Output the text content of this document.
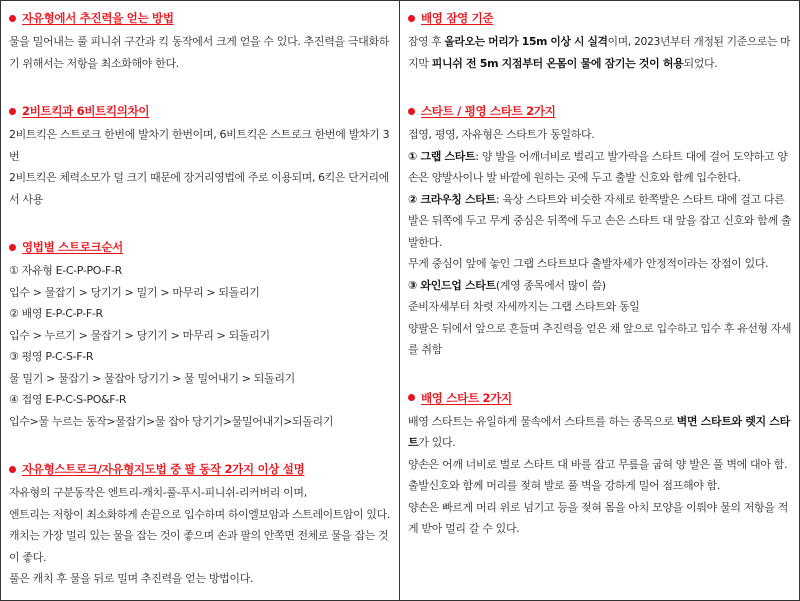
자유형에서 추진력을 얻는 방법
물을 밀어내는 풀 피니쉬 구간과 킥 동작에서 크게 얻을 수 있다. 추진력을 극대화하
기 위해서는 저항을 최소화해야 한다.
2비트킥과 6비트킥의차이
2비트킥은 스트로크 한번에 발차기 한번이며, 6비트킥은 스트로크 한번에 발차기 3
번
2비트킥은 체력소모가 덜 크기 때문에 장거리영법에 주로 이용되며, 6킥은 단거리에
서 사용
영법별 스트로크순서
① 자유형 E-C-P-PO-F-R
입수 > 물잡기 > 당기기 > 밀기 > 마무리 > 되돌리기
② 배영 E-P-C-P-F-R
입수 > 누르기 > 물잡기 > 당기기 > 마무리 > 되돌리기
③ 평영 P-C-S-F-R
물 밀기 > 물잡기 > 물잡아 당기기 > 물 밀어내기 > 되돌리기
④ 접영 E-P-C-S-PO&F-R
입수>물 누르는 동작>물잡기>물 잡아 당기기>물밀어내기>되돌리기
자유형스트로크/자유형지도법 중 팔 동작 2가지 이상 설명
자유형의 구분동작은 엔트리-캐치-풀-푸시-피니쉬-리커버리 이며,
엔트리는 저항이 최소화하게 손끝으로 입수하며 하이엘보암과 스트레이트암이 있다.
캐치는 가장 멀리 있는 물을 잡는 것이 좋으며 손과 팔의 안쪽면 전체로 물을 잡는 것
이 좋다.
풀은 캐치 후 물을 뒤로 밀며 추진력을 얻는 방법이다.
배영 잠영 기준
잠영 후 올라오는 머리가 15m 이상 시 실격이며, 2023년부터 개정된 기준으로는 마
지막 피니쉬 전 5m 지점부터 온몸이 물에 잠기는 것이 허용되었다.
스타트 / 평영 스타트 2가지
접영, 평영, 자유형은 스타트가 동일하다.
① 그랩 스타트: 양 발을 어깨너비로 벌리고 발가락을 스타트 대에 걸어 도약하고 양
손은 양발사이나 발 바깥에 원하는 곳에 두고 출발 신호와 함께 입수한다.
② 크라우칭 스타트: 육상 스타트와 비슷한 자세로 한쪽발은 스타트 대에 걸고 다른
발은 뒤쪽에 두고 무게 중심은 뒤쪽에 두고 손은 스타트 대 앞을 잡고 신호와 함께 출
발한다.
무게 중심이 앞에 놓인 그랩 스타트보다 출발자세가 안정적이라는 장점이 있다.
③ 와인드업 스타트(계영 종목에서 많이 씀)
준비자세부터 차렷 자세까지는 그랩 스타트와 동일
양팔은 뒤에서 앞으로 흔들며 추진력을 얻은 채 앞으로 입수하고 입수 후 유선형 자세
를 취함
배영 스타트 2가지
배영 스타트는 유일하게 물속에서 스타트를 하는 종목으로 벽면 스타트와 렛지 스타
트가 있다.
양손은 어깨 너비로 벌로 스타트 대 바를 잡고 무릎을 굽혀 양 발은 풀 벽에 대아 함.
출발신호와 함께 머리를 젖혀 발로 풀 벽을 강하게 밀어 점프해야 함.
양손은 빠르게 머리 위로 넘기고 등을 젖혀 몸을 아치 모양을 이뤄야 물의 저항을 적
게 받아 멀리 갈 수 있다.
